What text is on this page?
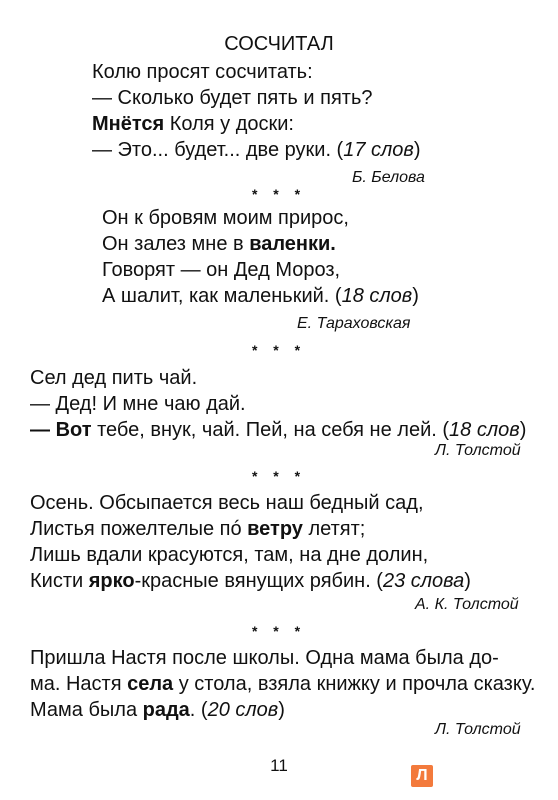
СОСЧИТАЛ
Колю просят сосчитать:
— Сколько будет пять и пять?
Мнётся Коля у доски:
— Это... будет... две руки. (17 слов)
Б. Белова
* * *
Он к бровям моим прирос,
Он залез мне в валенки.
Говорят — он Дед Мороз,
А шалит, как маленький. (18 слов)
Е. Тараховская
* * *
Сел дед пить чай.
— Дед! И мне чаю дай.
— Вот тебе, внук, чай. Пей, на себя не лей. (18 слов)
Л. Толстой
* * *
Осень. Обсыпается весь наш бедный сад,
Листья пожелтелые пó ветру летят;
Лишь вдали красуются, там, на дне долин,
Кисти ярко-красные вянущих рябин. (23 слова)
А. К. Толстой
* * *
Пришла Настя после школы. Одна мама была до-
ма. Настя села у стола, взяла книжку и прочла сказку.
Мама была рада. (20 слов)
Л. Толстой
11
Л
